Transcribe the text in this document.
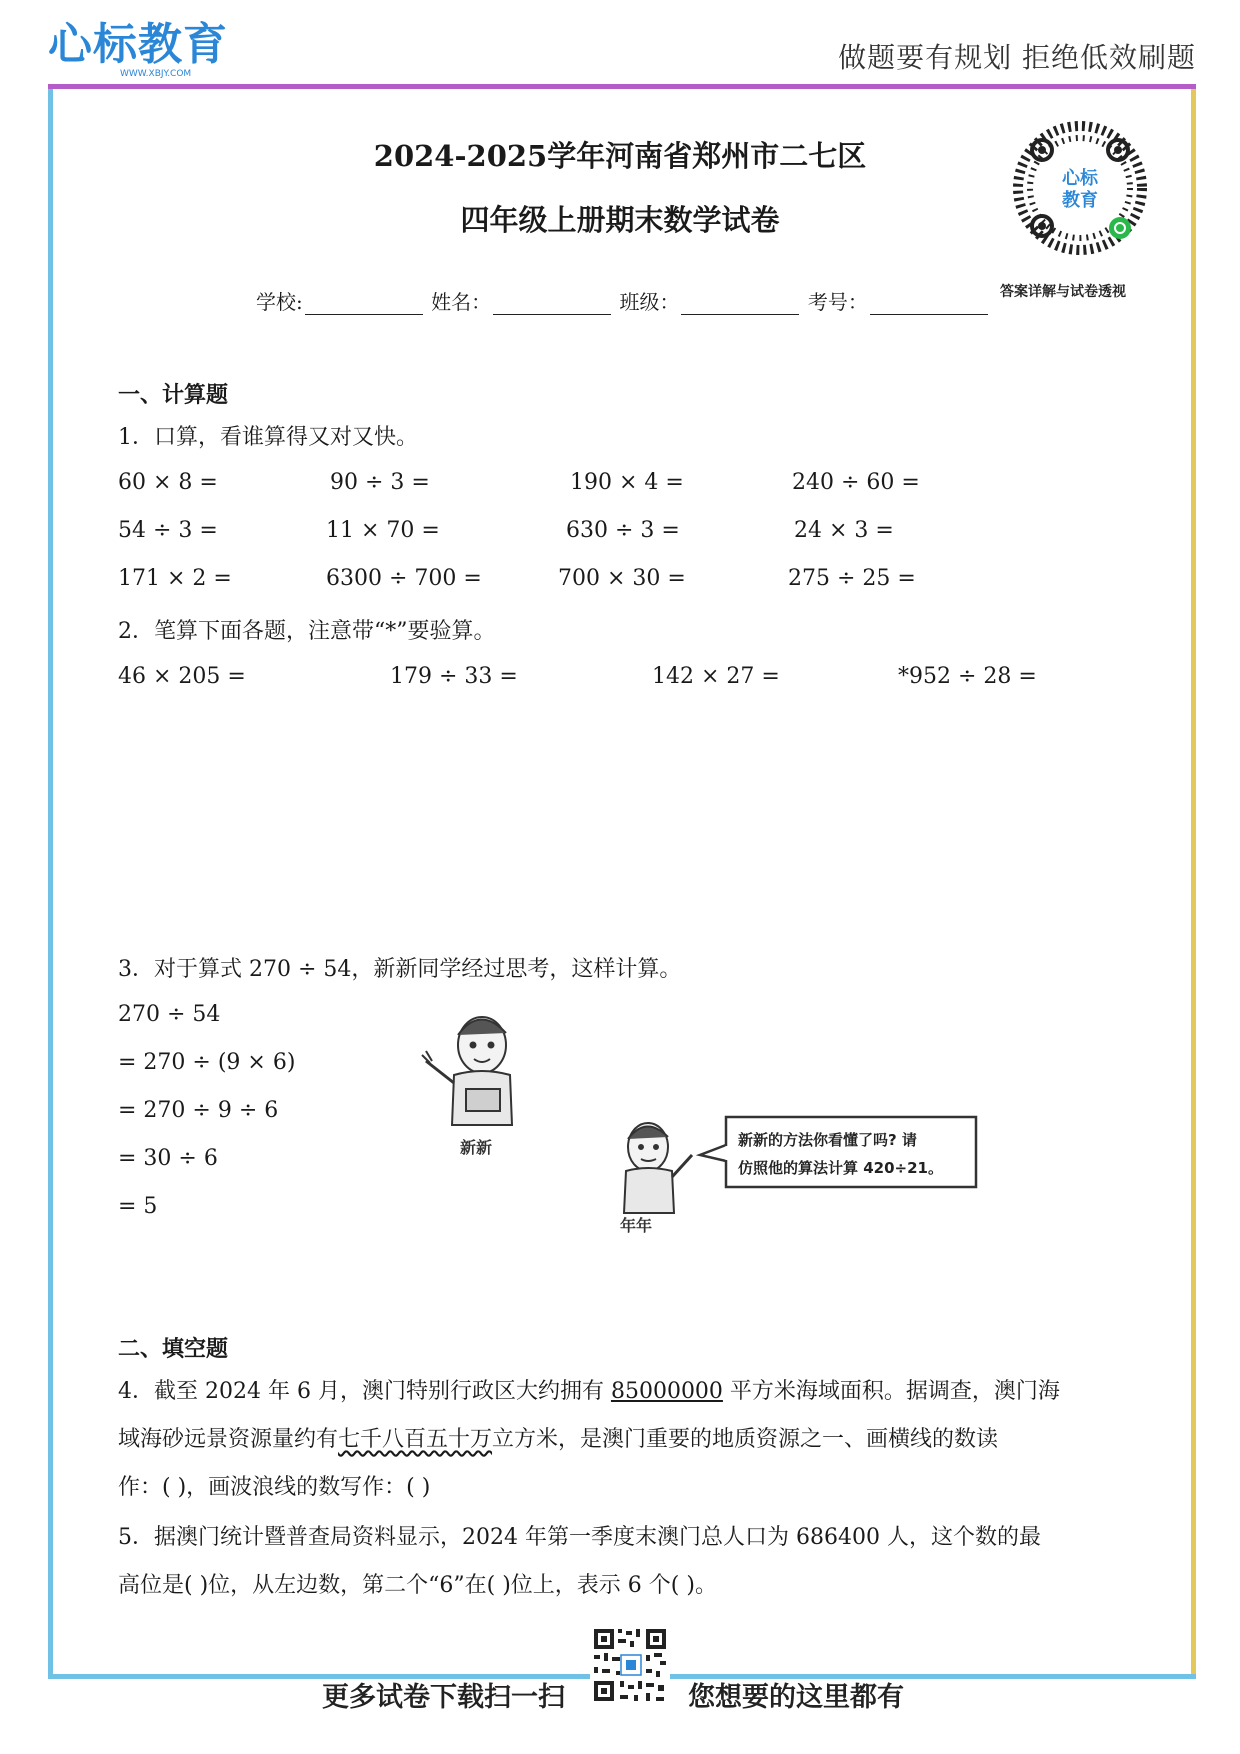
心标教育
WWW.XBJY.COM	做题要有规划 拒绝低效刷题
2024-2025学年河南省郑州市二七区
四年级上册期末数学试卷
心标
教育
答案详解与试卷透视
学校:	姓名：	班级：	考号：
一、计算题
1．口算，看谁算得又对又快。
60 × 8 =	90 ÷ 3 =	190 × 4 =	240 ÷ 60 =
54 ÷ 3 =	11 × 70 =	630 ÷ 3 =	24 × 3 =
171 × 2 =	6300 ÷ 700 =	700 × 30 =	275 ÷ 25 =
2．笔算下面各题，注意带“*”要验算。
46 × 205 =	179 ÷ 33 =	142 × 27 =	*952 ÷ 28 =
3．对于算式 270 ÷ 54，新新同学经过思考，这样计算。
270 ÷ 54
= 270 ÷ (9 × 6)
= 270 ÷ 9 ÷ 6
= 30 ÷ 6
= 5
新新
年年
新新的方法你看懂了吗? 请
仿照他的算法计算 420÷21。
二、填空题
4．截至 2024 年 6 月，澳门特别行政区大约拥有 85000000 平方米海域面积。据调查，澳门海
域海砂远景资源量约有七千八百五十万立方米，是澳门重要的地质资源之一、画横线的数读
作：( )，画波浪线的数写作：( )
5．据澳门统计暨普查局资料显示，2024 年第一季度末澳门总人口为 686400 人，这个数的最
高位是( )位，从左边数，第二个“6”在( )位上，表示 6 个( )。
更多试卷下载扫一扫	您想要的这里都有
